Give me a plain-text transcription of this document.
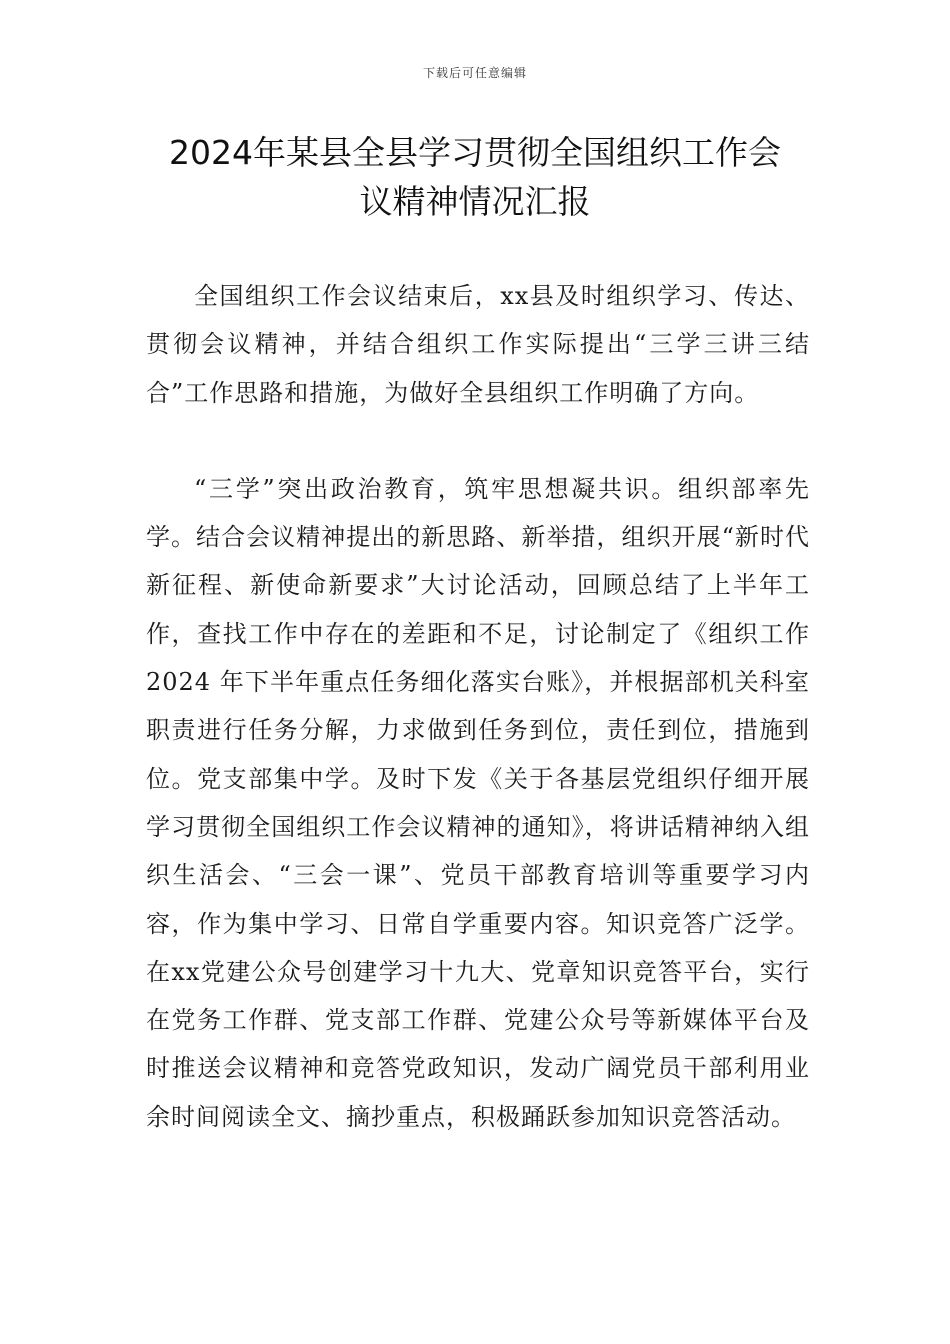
下载后可任意编辑
2024年某县全县学习贯彻全国组织工作会
议精神情况汇报

全国组织工作会议结束后，xx县及时组织学习、传达、贯彻会议精神，并结合组织工作实际提出“三学三讲三结合”工作思路和措施，为做好全县组织工作明确了方向。

“三学”突出政治教育，筑牢思想凝共识。组织部率先学。结合会议精神提出的新思路、新举措，组织开展“新时代新征程、新使命新要求”大讨论活动，回顾总结了上半年工作，查找工作中存在的差距和不足，讨论制定了《组织工作2024 年下半年重点任务细化落实台账》，并根据部机关科室职责进行任务分解，力求做到任务到位，责任到位，措施到位。党支部集中学。及时下发《关于各基层党组织仔细开展学习贯彻全国组织工作会议精神的通知》，将讲话精神纳入组织生活会、“三会一课”、党员干部教育培训等重要学习内容，作为集中学习、日常自学重要内容。知识竞答广泛学。在xx党建公众号创建学习十九大、党章知识竞答平台，实行在党务工作群、党支部工作群、党建公众号等新媒体平台及时推送会议精神和竞答党政知识，发动广阔党员干部利用业余时间阅读全文、摘抄重点，积极踊跃参加知识竞答活动。
